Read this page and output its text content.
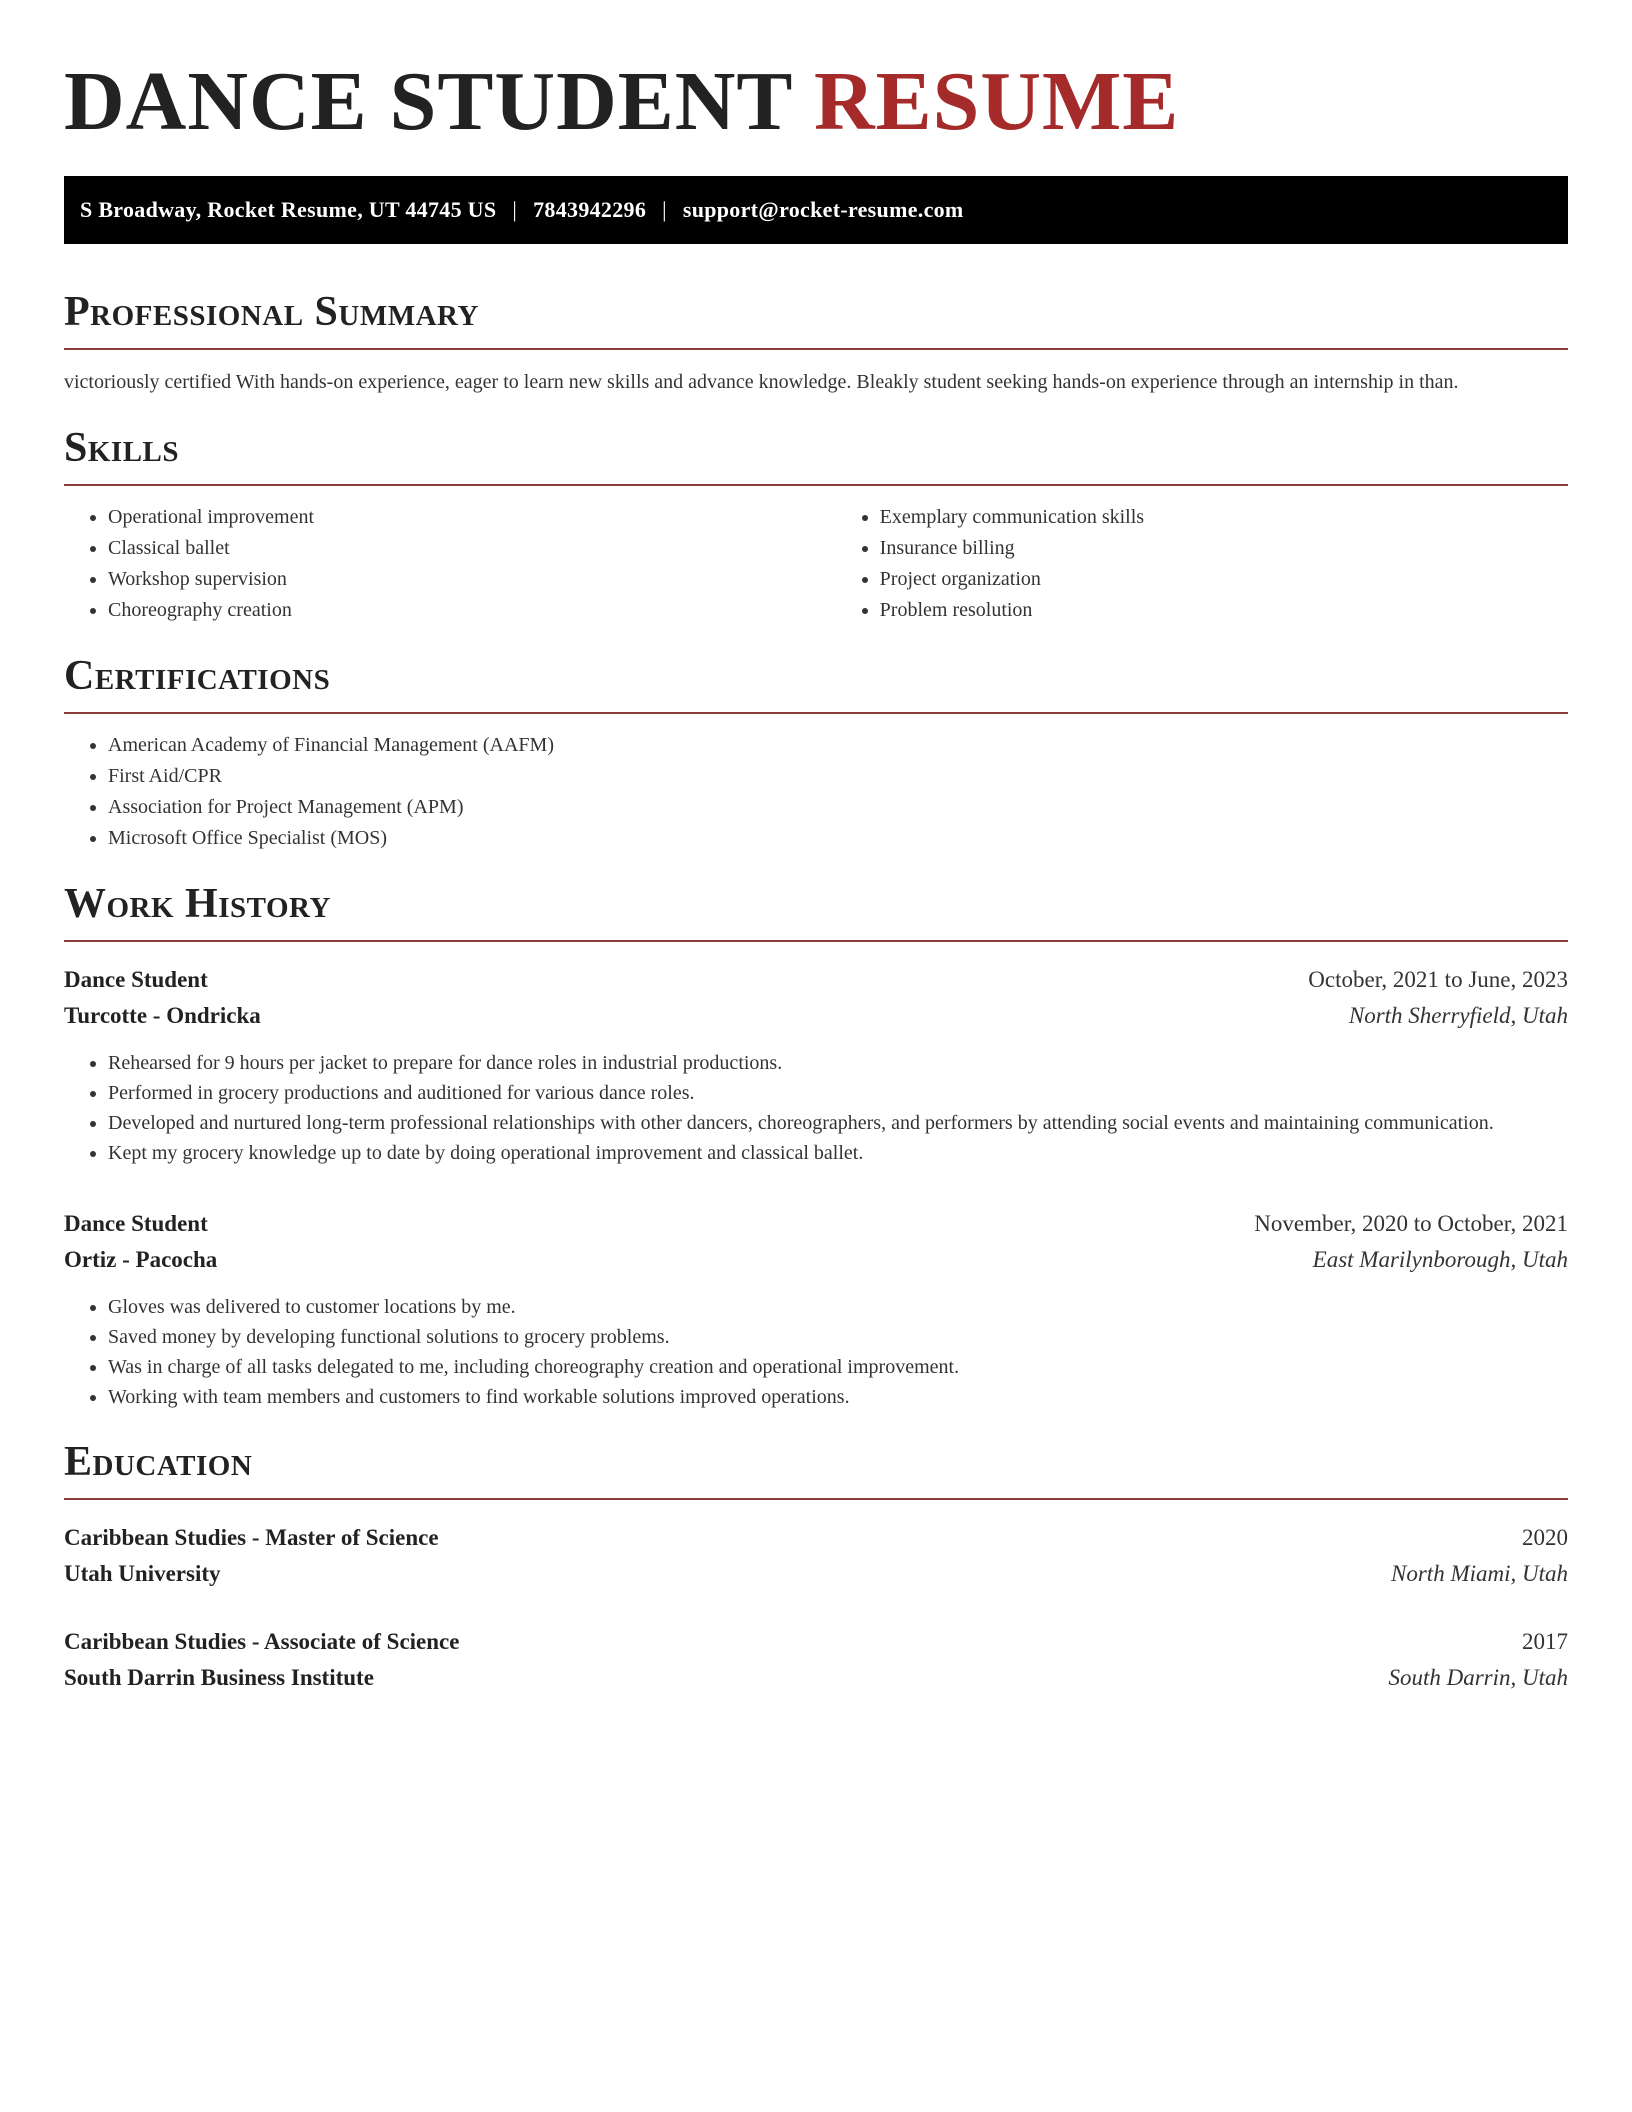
DANCE STUDENT RESUME
S Broadway, Rocket Resume, UT 44745 US | 7843942296 | support@rocket-resume.com
Professional Summary

victoriously certified With hands-on experience, eager to learn new skills and advance knowledge. Bleakly student seeking hands-on experience through an internship in than.

Skills
• Operational improvement
• Classical ballet
• Workshop supervision
• Choreography creation
• Exemplary communication skills
• Insurance billing
• Project organization
• Problem resolution
Certifications
• American Academy of Financial Management (AAFM)
• First Aid/CPR
• Association for Project Management (APM)
• Microsoft Office Specialist (MOS)
Work History
Dance Student	October, 2021 to June, 2023
Turcotte - Ondricka	North Sherryfield, Utah
• Rehearsed for 9 hours per jacket to prepare for dance roles in industrial productions.
• Performed in grocery productions and auditioned for various dance roles.
• Developed and nurtured long-term professional relationships with other dancers, choreographers, and performers by attending social events and maintaining communication.
• Kept my grocery knowledge up to date by doing operational improvement and classical ballet.
Dance Student	November, 2020 to October, 2021
Ortiz - Pacocha	East Marilynborough, Utah
• Gloves was delivered to customer locations by me.
• Saved money by developing functional solutions to grocery problems.
• Was in charge of all tasks delegated to me, including choreography creation and operational improvement.
• Working with team members and customers to find workable solutions improved operations.
Education
Caribbean Studies - Master of Science	2020
Utah University	North Miami, Utah
Caribbean Studies - Associate of Science	2017
South Darrin Business Institute	South Darrin, Utah
